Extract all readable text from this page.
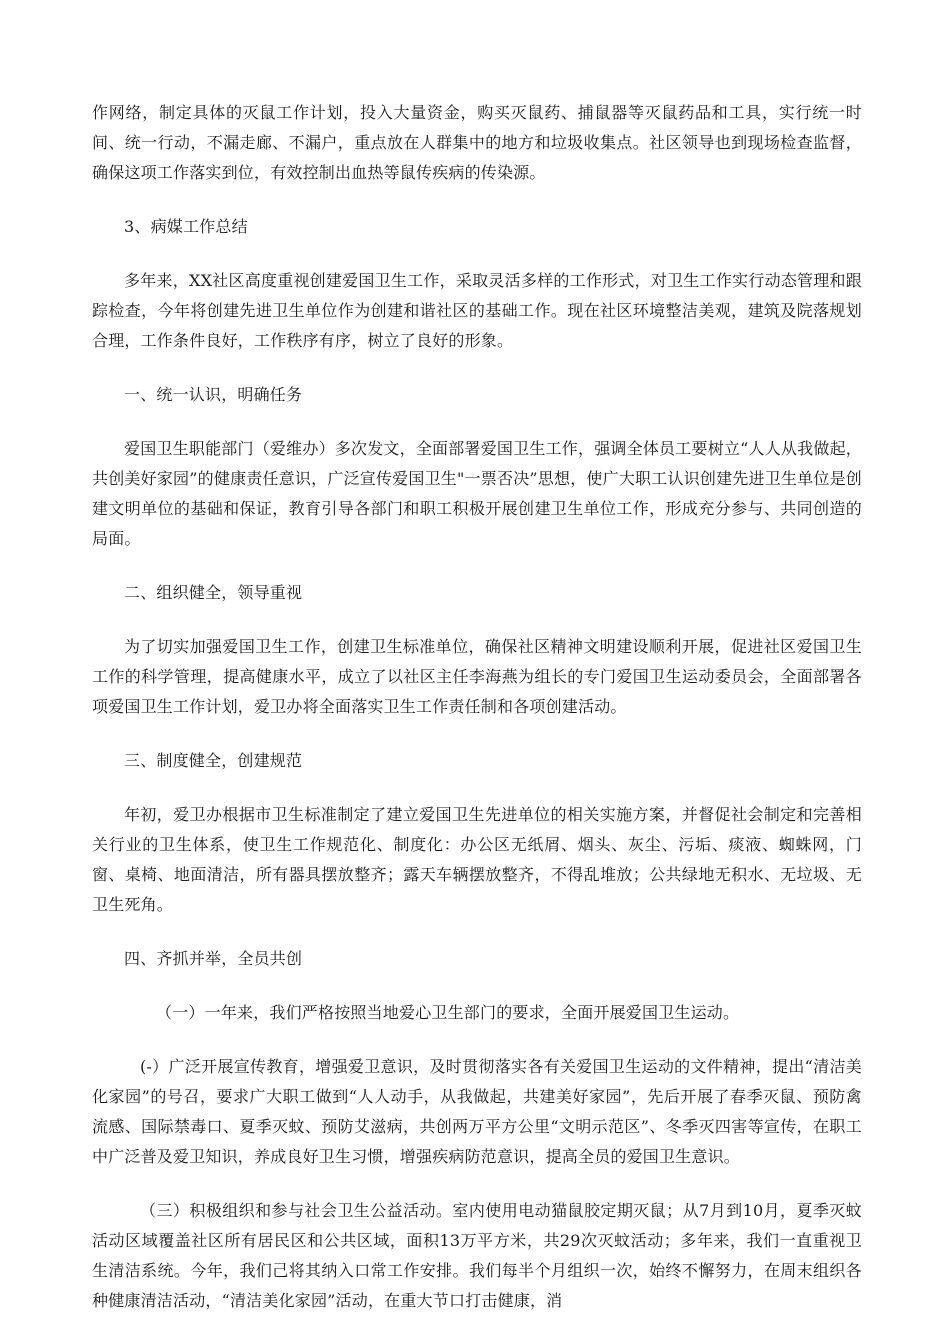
作网络，制定具体的灭鼠工作计划，投入大量资金，购买灭鼠药、捕鼠器等灭鼠药品和工具，实行统一时间、统一行动，不漏走廊、不漏户，重点放在人群集中的地方和垃圾收集点。社区领导也到现场检查监督，确保这项工作落实到位，有效控制出血热等鼠传疾病的传染源。

3、病媒工作总结

多年来，XX社区高度重视创建爱国卫生工作，采取灵活多样的工作形式，对卫生工作实行动态管理和跟踪检查，今年将创建先进卫生单位作为创建和谐社区的基础工作。现在社区环境整洁美观，建筑及院落规划合理，工作条件良好，工作秩序有序，树立了良好的形象。

一、统一认识，明确任务

爱国卫生职能部门（爱维办）多次发文，全面部署爱国卫生工作，强调全体员工要树立“人人从我做起，共创美好家园”的健康责任意识，广泛宣传爱国卫生"一票否决”思想，使广大职工认识创建先进卫生单位是创建文明单位的基础和保证，教育引导各部门和职工积极开展创建卫生单位工作，形成充分参与、共同创造的局面。

二、组织健全，领导重视

为了切实加强爱国卫生工作，创建卫生标准单位，确保社区精神文明建设顺利开展，促进社区爱国卫生工作的科学管理，提高健康水平，成立了以社区主任李海燕为组长的专门爱国卫生运动委员会，全面部署各项爱国卫生工作计划，爱卫办将全面落实卫生工作责任制和各项创建活动。

三、制度健全，创建规范

年初，爱卫办根据市卫生标准制定了建立爱国卫生先进单位的相关实施方案，并督促社会制定和完善相关行业的卫生体系，使卫生工作规范化、制度化：办公区无纸屑、烟头、灰尘、污垢、痰液、蜘蛛网，门窗、桌椅、地面清洁，所有器具摆放整齐；露天车辆摆放整齐，不得乱堆放；公共绿地无积水、无垃圾、无卫生死角。

四、齐抓并举，全员共创

（一）一年来，我们严格按照当地爱心卫生部门的要求，全面开展爱国卫生运动。

(-）广泛开展宣传教育，增强爱卫意识，及时贯彻落实各有关爱国卫生运动的文件精神，提出“清洁美化家园”的号召，要求广大职工做到“人人动手，从我做起，共建美好家园”，先后开展了春季灭鼠、预防禽流感、国际禁毒口、夏季灭蚊、预防艾滋病，共创两万平方公里“文明示范区”、冬季灭四害等宣传，在职工中广泛普及爱卫知识，养成良好卫生习惯，增强疾病防范意识，提高全员的爱国卫生意识。

（三）积极组织和参与社会卫生公益活动。室内使用电动猫鼠胶定期灭鼠；从7月到10月，夏季灭蚊活动区域覆盖社区所有居民区和公共区域，面积13万平方米，共29次灭蚊活动；多年来，我们一直重视卫生清洁系统。今年，我们己将其纳入口常工作安排。我们每半个月组织一次，始终不懈努力，在周末组织各种健康清洁活动，“清洁美化家园”活动，在重大节口打击健康，消
